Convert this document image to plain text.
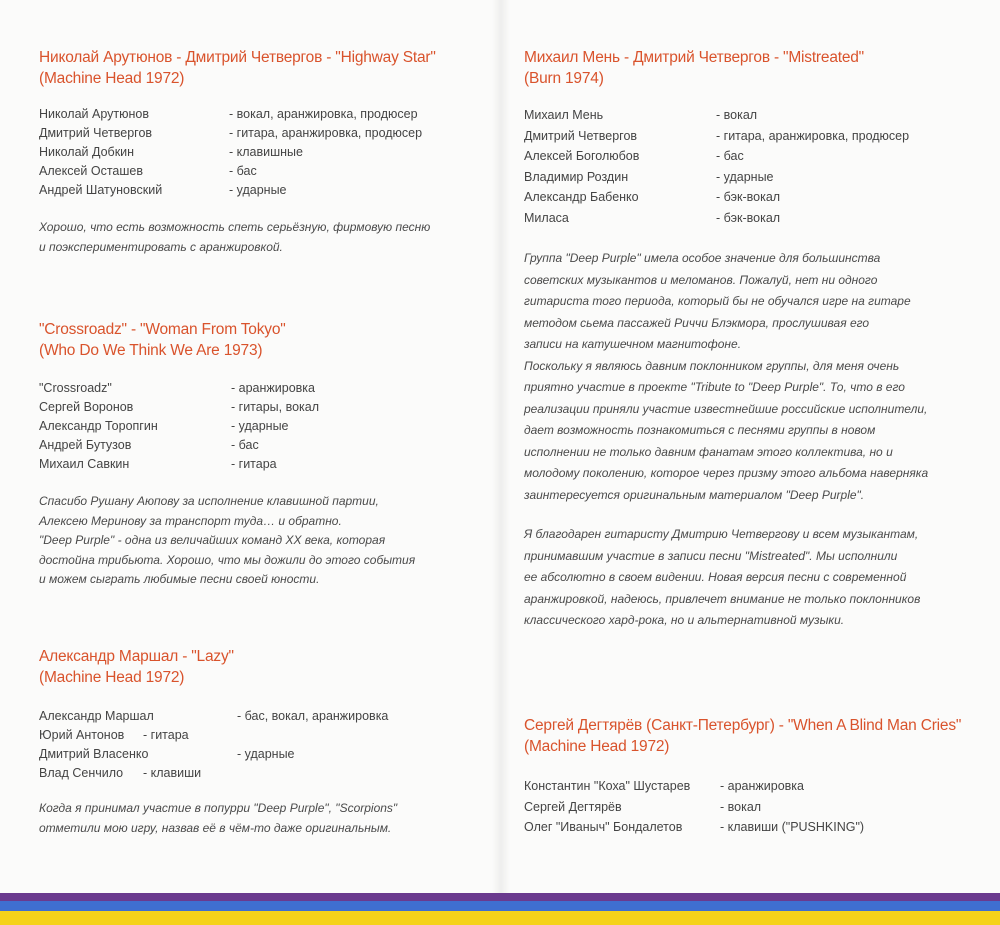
Николай Арутюнов - Дмитрий Четвергов - "Highway Star"

(Machine Head 1972)

Николай Арутюнов	- вокал, аранжировка, продюсер
Дмитрий Четвергов	- гитара, аранжировка, продюсер
Николай Добкин	- клавишные
Алексей Осташев	- бас
Андрей Шатуновский	- ударные

Хорошо, что есть возможность спеть серьёзную, фирмовую песню

и поэкспериментировать с аранжировкой.

"Crossroadz" - "Woman From Tokyo"

(Who Do We Think We Are 1973)

"Crossroadz"	- аранжировка
Сергей Воронов	- гитары, вокал
Александр Торопгин	- ударные
Андрей Бутузов	- бас
Михаил Савкин	- гитара

Спасибо Рушану Аюпову за исполнение клавишной партии,

Алексею Меринову за транспорт туда… и обратно.

"Deep Purple" - одна из величайших команд XX века, которая

достойна трибьюта. Хорошо, что мы дожили до этого события

и можем сыграть любимые песни своей юности.

Александр Маршал - "Lazy"

(Machine Head 1972)

Александр Маршал	- бас, вокал, аранжировка
Юрий Антонов	- гитара
Дмитрий Власенко	- ударные
Влад Сенчило	- клавиши

Когда я принимал участие в попурри "Deep Purple", "Scorpions"

отметили мою игру, назвав её в чём-то даже оригинальным.

Михаил Мень - Дмитрий Четвергов - "Mistreated"

(Burn 1974)

Михаил Мень	- вокал
Дмитрий Четвергов	- гитара, аранжировка, продюсер
Алексей Боголюбов	- бас
Владимир Роздин	- ударные
Александр Бабенко	- бэк-вокал
Миласа	- бэк-вокал

Группа "Deep Purple" имела особое значение для большинства

советских музыкантов и меломанов. Пожалуй, нет ни одного

гитариста того периода, который бы не обучался игре на гитаре

методом сьема пассажей Риччи Блэкмора, прослушивая его

записи на катушечном магнитофоне.

Поскольку я являюсь давним поклонником группы, для меня очень

приятно участие в проекте "Tribute to "Deep Purple". То, что в его

реализации приняли участие известнейшие российские исполнители,

дает возможность познакомиться с песнями группы в новом

исполнении не только давним фанатам этого коллектива, но и

молодому поколению, которое через призму этого альбома наверняка

заинтересуется оригинальным материалом "Deep Purple".

Я благодарен гитаристу Дмитрию Четвергову и всем музыкантам,

принимавшим участие в записи песни "Mistreated". Мы исполнили

ее абсолютно в своем видении. Новая версия песни с современной

аранжировкой, надеюсь, привлечет внимание не только поклонников

классического хард-рока, но и альтернативной музыки.

Сергей Дегтярёв (Санкт-Петербург) - "When A Blind Man Cries"

(Machine Head 1972)

Константин "Коха" Шустарев	- аранжировка
Сергей Дегтярёв	- вокал
Олег "Иваныч" Бондалетов	- клавиши ("PUSHKING")
